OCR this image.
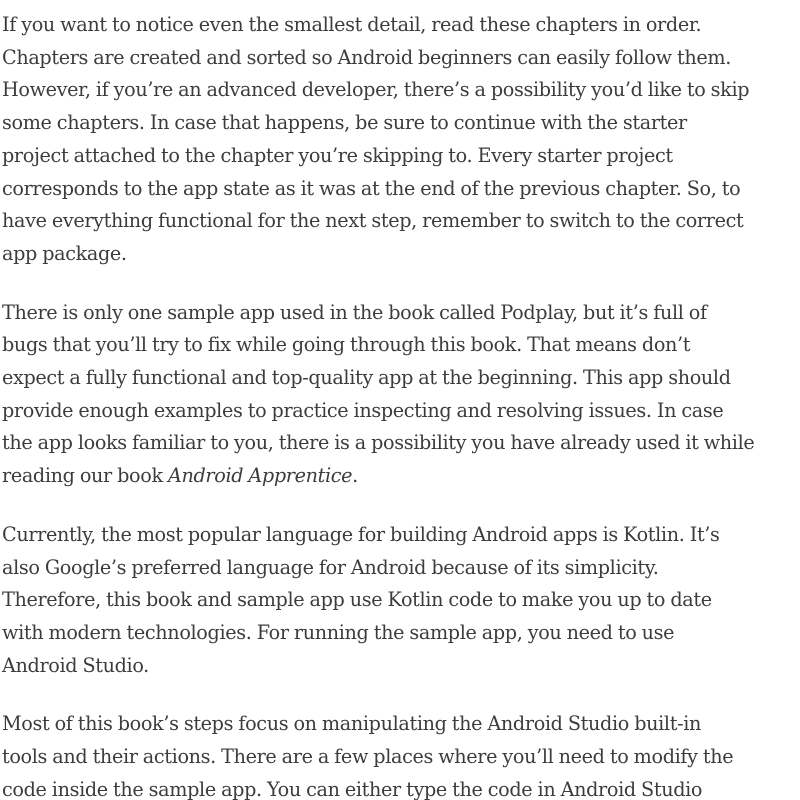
If you want to notice even the smallest detail, read these chapters in order.
Chapters are created and sorted so Android beginners can easily follow them.
However, if you’re an advanced developer, there’s a possibility you’d like to skip
some chapters. In case that happens, be sure to continue with the starter
project attached to the chapter you’re skipping to. Every starter project
corresponds to the app state as it was at the end of the previous chapter. So, to
have everything functional for the next step, remember to switch to the correct
app package.

There is only one sample app used in the book called Podplay, but it’s full of
bugs that you’ll try to fix while going through this book. That means don’t
expect a fully functional and top-quality app at the beginning. This app should
provide enough examples to practice inspecting and resolving issues. In case
the app looks familiar to you, there is a possibility you have already used it while
reading our book Android Apprentice.

Currently, the most popular language for building Android apps is Kotlin. It’s
also Google’s preferred language for Android because of its simplicity.
Therefore, this book and sample app use Kotlin code to make you up to date
with modern technologies. For running the sample app, you need to use
Android Studio.

Most of this book’s steps focus on manipulating the Android Studio built-in
tools and their actions. There are a few places where you’ll need to modify the
code inside the sample app. You can either type the code in Android Studio
